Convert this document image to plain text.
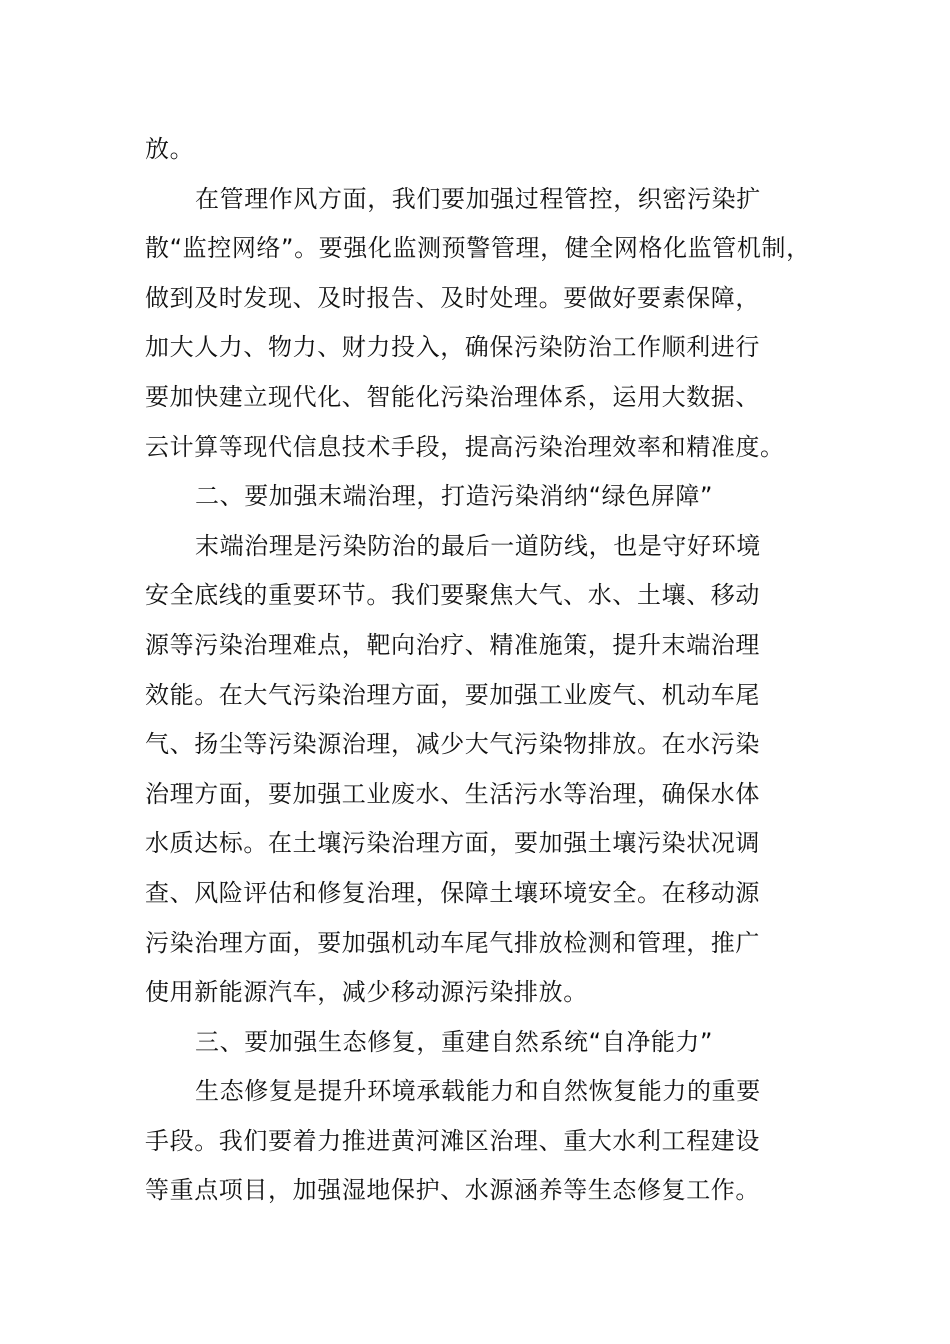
放。
在管理作风方面，我们要加强过程管控，织密污染扩
散“监控网络”。要强化监测预警管理，健全网格化监管机制，
做到及时发现、及时报告、及时处理。要做好要素保障，
加大人力、物力、财力投入，确保污染防治工作顺利进行
要加快建立现代化、智能化污染治理体系，运用大数据、
云计算等现代信息技术手段，提高污染治理效率和精准度。
二、要加强末端治理，打造污染消纳“绿色屏障”
末端治理是污染防治的最后一道防线，也是守好环境
安全底线的重要环节。我们要聚焦大气、水、土壤、移动
源等污染治理难点，靶向治疗、精准施策，提升末端治理
效能。在大气污染治理方面，要加强工业废气、机动车尾
气、扬尘等污染源治理，减少大气污染物排放。在水污染
治理方面，要加强工业废水、生活污水等治理，确保水体
水质达标。在土壤污染治理方面，要加强土壤污染状况调
查、风险评估和修复治理，保障土壤环境安全。在移动源
污染治理方面，要加强机动车尾气排放检测和管理，推广
使用新能源汽车，减少移动源污染排放。
三、要加强生态修复，重建自然系统“自净能力”
生态修复是提升环境承载能力和自然恢复能力的重要
手段。我们要着力推进黄河滩区治理、重大水利工程建设
等重点项目，加强湿地保护、水源涵养等生态修复工作。
